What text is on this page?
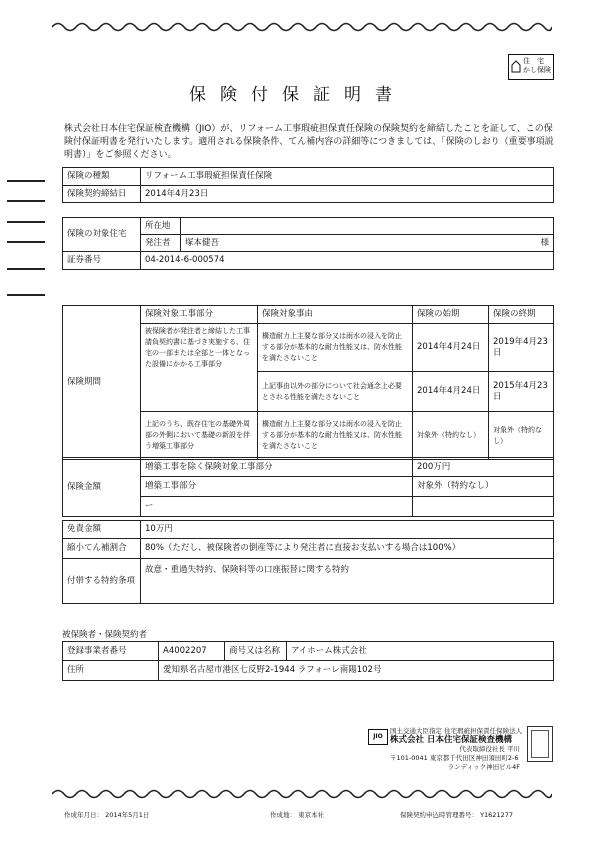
住　宅
かし保険
保険付保証明書
株式会社日本住宅保証検査機構（JIO）が、リフォーム工事瑕疵担保責任保険の保険契約を締結したことを証して、この保険付保証明書を発行いたします。適用される保険条件、てん補内容の詳細等につきましては、「保険のしおり（重要事項説明書）」をご参照ください。
保険の種類	リフォーム工事瑕疵担保責任保険
保険契約締結日	2014年4月23日
保険の対象住宅	所在地		
	発注者	塚本健吾	様
証券番号	04-2014-6-000574		
保険期間	保険対象工事部分	保険対象事由	保険の始期	保険の終期
	被保険者が発注者と締結した工事請負契約書に基づき実施する、住宅の一部または全部と一体となった設備にかかる工事部分	構造耐力上主要な部分又は雨水の浸入を防止する部分が基本的な耐力性能又は、防水性能を満たさないこと	2014年4月24日	2019年4月23日
		上記事由以外の部分について社会通念上必要とされる性能を満たさないこと	2014年4月24日	2015年4月23日
	上記のうち、既存住宅の基礎外周部の外側において基礎の新設を伴う増築工事部分	構造耐力上主要な部分又は雨水の浸入を防止する部分が基本的な耐力性能又は、防水性能を満たさないこと	対象外（特約なし）	対象外（特約なし）
保険金額	増築工事を除く保険対象工事部分	200万円
	増築工事部分	対象外（特約なし）
	ー	
免責金額	10万円
縮小てん補割合	80%（ただし、被保険者の倒産等により発注者に直接お支払いする場合は100%）
付帯する特約条項	故意・重過失特約、保険料等の口座振替に関する特約
被保険者・保険契約者
登録事業者番号	A4002207	商号又は名称	アイホーム株式会社
住所	愛知県名古屋市港区七反野2-1944 ラフォーレ南陽102号		
JIO
国土交通大臣指定 住宅瑕疵担保責任保険法人
株式会社 日本住宅保証検査機構
代表取締役社長 平川
〒101-0041 東京都千代田区神田須田町2-6
ランディック神田ビル4F
作成年月日： 2014年5月1日	作成地： 東京本社	保険契約申込時管理番号： Y1621277
